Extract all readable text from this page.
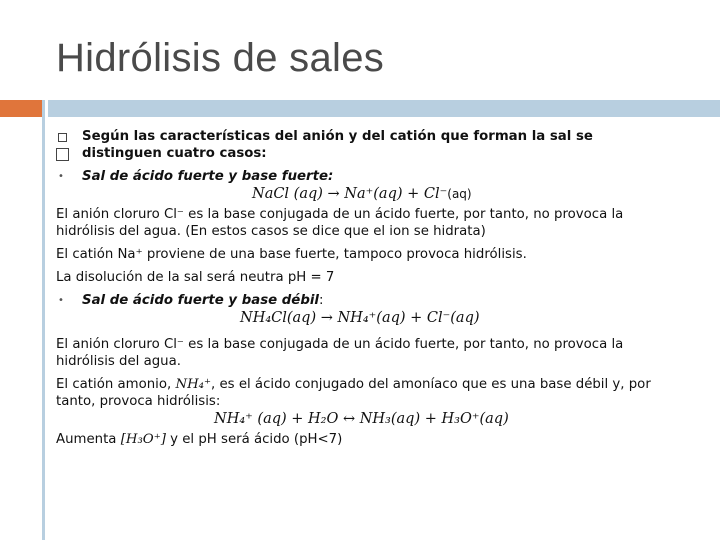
Hidrólisis de sales
Según las características del anión y del catión que forman la sal se distinguen cuatro casos:
• Sal de ácido fuerte y base fuerte:
NaCl (aq) → Na⁺(aq) + Cl⁻(aq)
El anión cloruro Cl⁻ es la base conjugada de un ácido fuerte, por tanto, no provoca la hidrólisis del agua. (En estos casos se dice que el ion se hidrata)
El catión Na⁺ proviene de una base fuerte, tampoco provoca hidrólisis.
La disolución de la sal será neutra pH = 7
• Sal de ácido fuerte y base débil:
NH₄Cl(aq) → NH₄⁺(aq) + Cl⁻(aq)
El anión cloruro Cl⁻ es la base conjugada de un ácido fuerte, por tanto, no provoca la hidrólisis del agua.
El catión amonio, NH₄⁺, es el ácido conjugado del amoníaco que es una base débil y, por tanto, provoca hidrólisis:
NH₄⁺ (aq) + H₂O ↔ NH₃(aq) + H₃O⁺(aq)
Aumenta [H₃O⁺] y el pH será ácido (pH<7)
